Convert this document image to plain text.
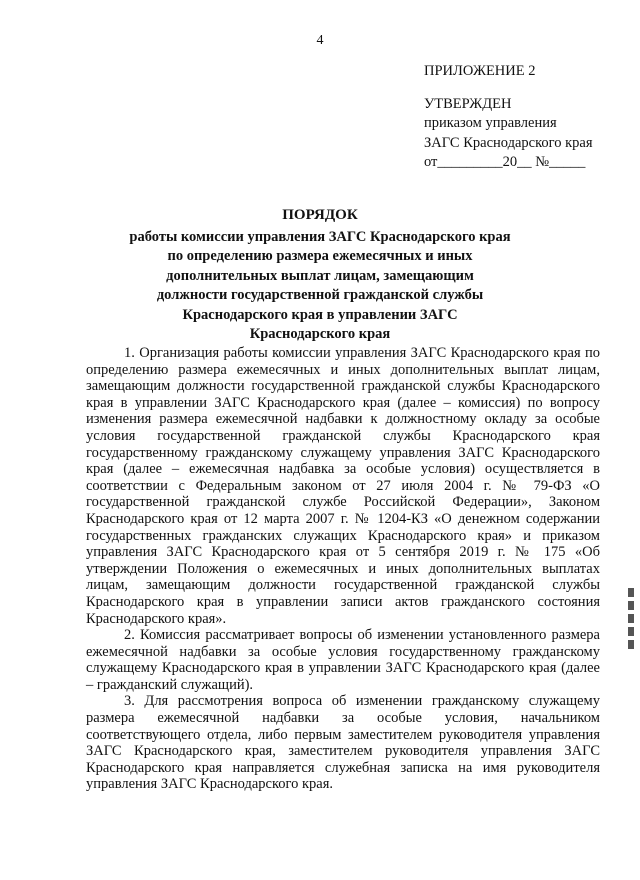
4
ПРИЛОЖЕНИЕ 2
УТВЕРЖДЕН
приказом управления
ЗАГС Краснодарского края
от_________20__ №_____
ПОРЯДОК
работы комиссии управления ЗАГС Краснодарского края
по определению размера ежемесячных и иных
дополнительных выплат лицам, замещающим
должности государственной гражданской службы
Краснодарского края в управлении ЗАГС
Краснодарского края

1. Организация работы комиссии управления ЗАГС Краснодарского края по определению размера ежемесячных и иных дополнительных выплат лицам, замещающим должности государственной гражданской службы Краснодарского края в управлении ЗАГС Краснодарского края (далее – комиссия) по вопросу изменения размера ежемесячной надбавки к должностному окладу за особые условия государственной гражданской службы Краснодарского края государственному гражданскому служащему управления ЗАГС Краснодарского края (далее – ежемесячная надбавка за особые условия) осуществляется в соответствии с Федеральным законом от 27 июля 2004 г. № 79-ФЗ «О государственной гражданской службе Российской Федерации», Законом Краснодарского края от 12 марта 2007 г. № 1204-КЗ «О денежном содержании государственных гражданских служащих Краснодарского края» и приказом управления ЗАГС Краснодарского края от 5 сентября 2019 г. № 175 «Об утверждении Положения о ежемесячных и иных дополнительных выплатах лицам, замещающим должности государственной гражданской службы Краснодарского края в управлении записи актов гражданского состояния Краснодарского края».

2. Комиссия рассматривает вопросы об изменении установленного размера ежемесячной надбавки за особые условия государственному гражданскому служащему Краснодарского края в управлении ЗАГС Краснодарского края (далее – гражданский служащий).

3. Для рассмотрения вопроса об изменении гражданскому служащему размера ежемесячной надбавки за особые условия, начальником соответствующего отдела, либо первым заместителем руководителя управления ЗАГС Краснодарского края, заместителем руководителя управления ЗАГС Краснодарского края направляется служебная записка на имя руководителя управления ЗАГС Краснодарского края.
